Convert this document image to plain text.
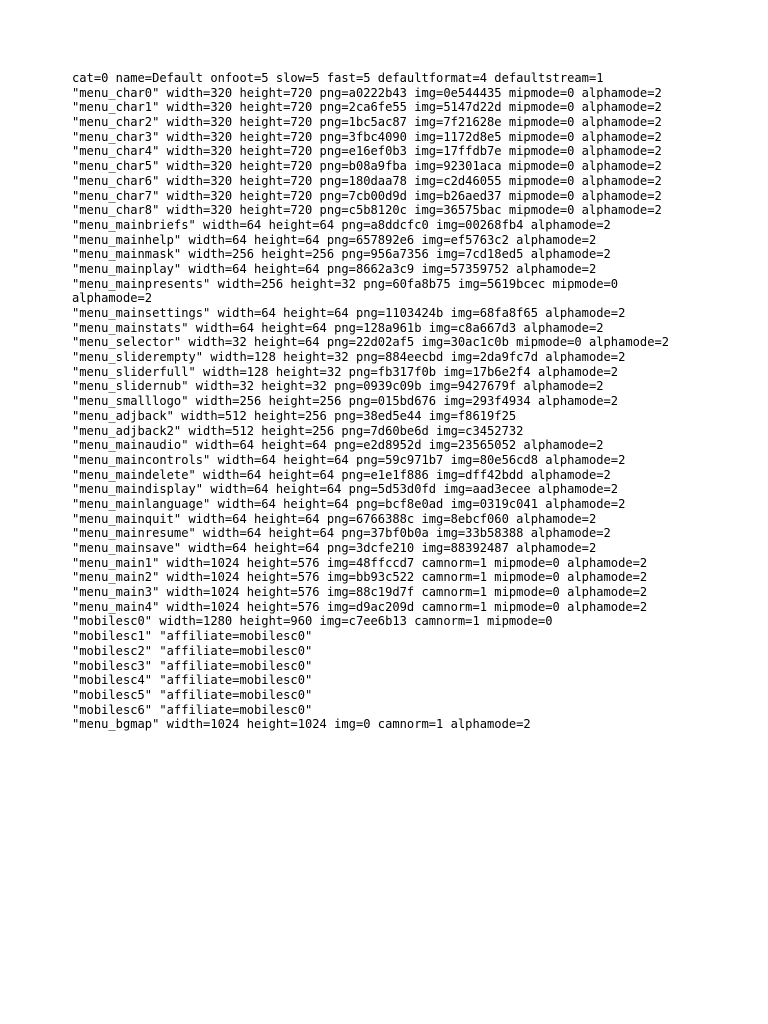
cat=0 name=Default onfoot=5 slow=5 fast=5 defaultformat=4 defaultstream=1
"menu_char0" width=320 height=720 png=a0222b43 img=0e544435 mipmode=0 alphamode=2
"menu_char1" width=320 height=720 png=2ca6fe55 img=5147d22d mipmode=0 alphamode=2
"menu_char2" width=320 height=720 png=1bc5ac87 img=7f21628e mipmode=0 alphamode=2
"menu_char3" width=320 height=720 png=3fbc4090 img=1172d8e5 mipmode=0 alphamode=2
"menu_char4" width=320 height=720 png=e16ef0b3 img=17ffdb7e mipmode=0 alphamode=2
"menu_char5" width=320 height=720 png=b08a9fba img=92301aca mipmode=0 alphamode=2
"menu_char6" width=320 height=720 png=180daa78 img=c2d46055 mipmode=0 alphamode=2
"menu_char7" width=320 height=720 png=7cb00d9d img=b26aed37 mipmode=0 alphamode=2
"menu_char8" width=320 height=720 png=c5b8120c img=36575bac mipmode=0 alphamode=2
"menu_mainbriefs" width=64 height=64 png=a8ddcfc0 img=00268fb4 alphamode=2
"menu_mainhelp" width=64 height=64 png=657892e6 img=ef5763c2 alphamode=2
"menu_mainmask" width=256 height=256 png=956a7356 img=7cd18ed5 alphamode=2
"menu_mainplay" width=64 height=64 png=8662a3c9 img=57359752 alphamode=2
"menu_mainpresents" width=256 height=32 png=60fa8b75 img=5619bcec mipmode=0
alphamode=2
"menu_mainsettings" width=64 height=64 png=1103424b img=68fa8f65 alphamode=2
"menu_mainstats" width=64 height=64 png=128a961b img=c8a667d3 alphamode=2
"menu_selector" width=32 height=64 png=22d02af5 img=30ac1c0b mipmode=0 alphamode=2
"menu_sliderempty" width=128 height=32 png=884eecbd img=2da9fc7d alphamode=2
"menu_sliderfull" width=128 height=32 png=fb317f0b img=17b6e2f4 alphamode=2
"menu_slidernub" width=32 height=32 png=0939c09b img=9427679f alphamode=2
"menu_smalllogo" width=256 height=256 png=015bd676 img=293f4934 alphamode=2
"menu_adjback" width=512 height=256 png=38ed5e44 img=f8619f25
"menu_adjback2" width=512 height=256 png=7d60be6d img=c3452732
"menu_mainaudio" width=64 height=64 png=e2d8952d img=23565052 alphamode=2
"menu_maincontrols" width=64 height=64 png=59c971b7 img=80e56cd8 alphamode=2
"menu_maindelete" width=64 height=64 png=e1e1f886 img=dff42bdd alphamode=2
"menu_maindisplay" width=64 height=64 png=5d53d0fd img=aad3ecee alphamode=2
"menu_mainlanguage" width=64 height=64 png=bcf8e0ad img=0319c041 alphamode=2
"menu_mainquit" width=64 height=64 png=6766388c img=8ebcf060 alphamode=2
"menu_mainresume" width=64 height=64 png=37bf0b0a img=33b58388 alphamode=2
"menu_mainsave" width=64 height=64 png=3dcfe210 img=88392487 alphamode=2
"menu_main1" width=1024 height=576 img=48ffccd7 camnorm=1 mipmode=0 alphamode=2
"menu_main2" width=1024 height=576 img=bb93c522 camnorm=1 mipmode=0 alphamode=2
"menu_main3" width=1024 height=576 img=88c19d7f camnorm=1 mipmode=0 alphamode=2
"menu_main4" width=1024 height=576 img=d9ac209d camnorm=1 mipmode=0 alphamode=2
"mobilesc0" width=1280 height=960 img=c7ee6b13 camnorm=1 mipmode=0
"mobilesc1" "affiliate=mobilesc0"
"mobilesc2" "affiliate=mobilesc0"
"mobilesc3" "affiliate=mobilesc0"
"mobilesc4" "affiliate=mobilesc0"
"mobilesc5" "affiliate=mobilesc0"
"mobilesc6" "affiliate=mobilesc0"
"menu_bgmap" width=1024 height=1024 img=0 camnorm=1 alphamode=2
